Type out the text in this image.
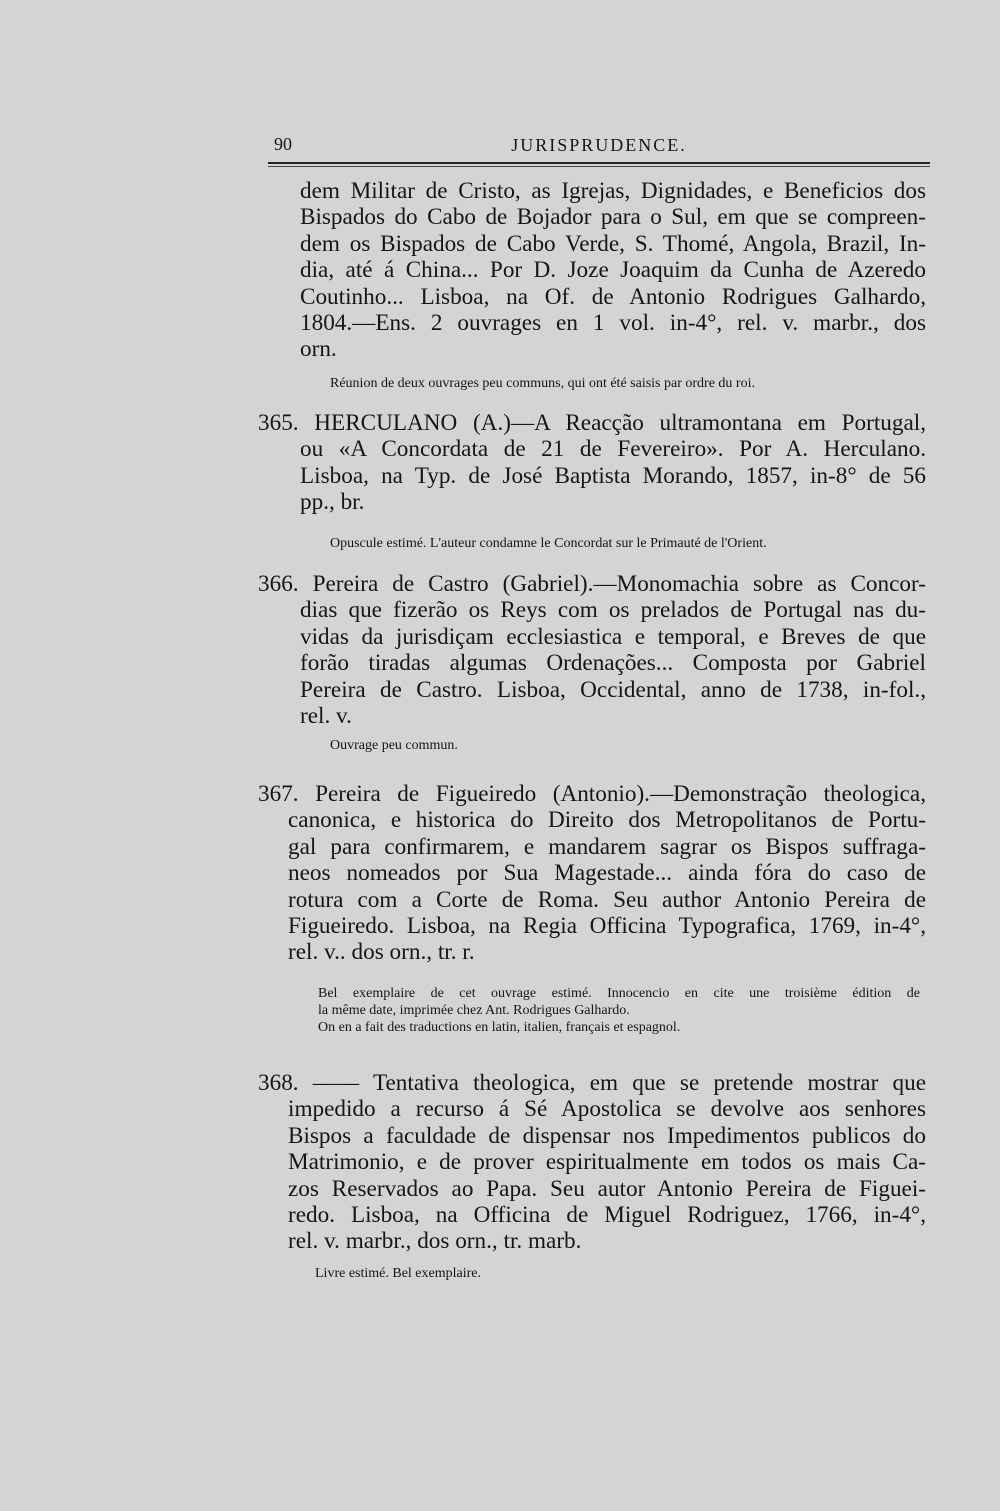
90	JURISPRUDENCE.
dem Militar de Cristo, as Igrejas, Dignidades, e Beneficios dos
Bispados do Cabo de Bojador para o Sul, em que se compreen-
dem os Bispados de Cabo Verde, S. Thomé, Angola, Brazil, In-
dia, até á China... Por D. Joze Joaquim da Cunha de Azeredo
Coutinho... Lisboa, na Of. de Antonio Rodrigues Galhardo,
1804.—Ens. 2 ouvrages en 1 vol. in-4°, rel. v. marbr., dos
orn.
Réunion de deux ouvrages peu communs, qui ont été saisis par ordre du roi.
365. HERCULANO (A.)—A Reacção ultramontana em Portugal,
ou «A Concordata de 21 de Fevereiro». Por A. Herculano.
Lisboa, na Typ. de José Baptista Morando, 1857, in-8° de 56
pp., br.
Opuscule estimé. L'auteur condamne le Concordat sur le Primauté de l'Orient.
366. Pereira de Castro (Gabriel).—Monomachia sobre as Concor-
dias que fizerão os Reys com os prelados de Portugal nas du-
vidas da jurisdiçam ecclesiastica e temporal, e Breves de que
forão tiradas algumas Ordenações... Composta por Gabriel
Pereira de Castro. Lisboa, Occidental, anno de 1738, in-fol.,
rel. v.
Ouvrage peu commun.
367. Pereira de Figueiredo (Antonio).—Demonstração theologica,
canonica, e historica do Direito dos Metropolitanos de Portu-
gal para confirmarem, e mandarem sagrar os Bispos suffraga-
neos nomeados por Sua Magestade... ainda fóra do caso de
rotura com a Corte de Roma. Seu author Antonio Pereira de
Figueiredo. Lisboa, na Regia Officina Typografica, 1769, in-4°,
rel. v.. dos orn., tr. r.
Bel exemplaire de cet ouvrage estimé. Innocencio en cite une troisième édition de
la même date, imprimée chez Ant. Rodrigues Galhardo.
On en a fait des traductions en latin, italien, français et espagnol.
368. —— Tentativa theologica, em que se pretende mostrar que
impedido a recurso á Sé Apostolica se devolve aos senhores
Bispos a faculdade de dispensar nos Impedimentos publicos do
Matrimonio, e de prover espiritualmente em todos os mais Ca-
zos Reservados ao Papa. Seu autor Antonio Pereira de Figuei-
redo. Lisboa, na Officina de Miguel Rodriguez, 1766, in-4°,
rel. v. marbr., dos orn., tr. marb.
Livre estimé. Bel exemplaire.
